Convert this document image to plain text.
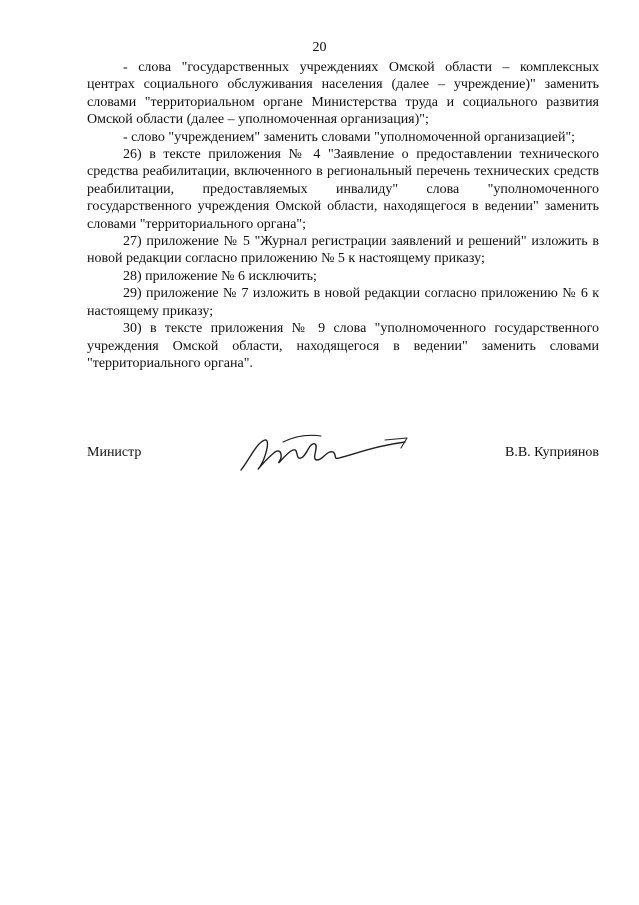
20

- слова "государственных учреждениях Омской области – комплексных центрах социального обслуживания населения (далее – учреждение)" заменить словами "территориальном органе Министерства труда и социального развития Омской области (далее – уполномоченная организация)";

- слово "учреждением" заменить словами "уполномоченной организацией";

26) в тексте приложения № 4 "Заявление о предоставлении технического средства реабилитации, включенного в региональный перечень технических средств реабилитации, предоставляемых инвалиду" слова "уполномоченного государственного учреждения Омской области, находящегося в ведении" заменить словами "территориального органа";

27) приложение № 5 "Журнал регистрации заявлений и решений" изложить в новой редакции согласно приложению № 5 к настоящему приказу;

28) приложение № 6 исключить;

29) приложение № 7 изложить в новой редакции согласно приложению № 6 к настоящему приказу;

30) в тексте приложения № 9 слова "уполномоченного государственного учреждения Омской области, находящегося в ведении" заменить словами "территориального органа".

Министр	В.В. Куприянов
